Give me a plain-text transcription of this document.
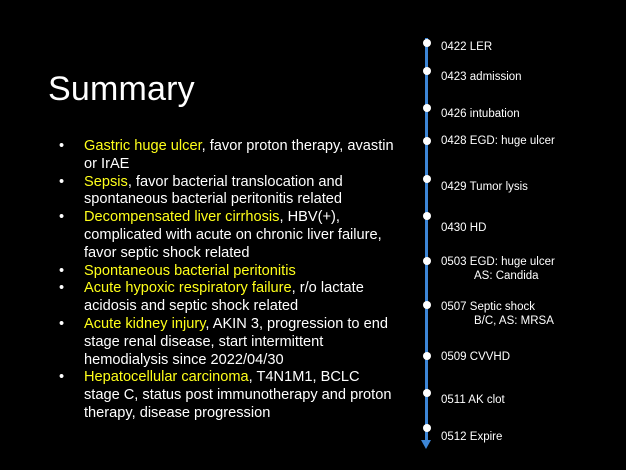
Summary
• Gastric huge ulcer, favor proton therapy, avastin or IrAE
• Sepsis, favor bacterial translocation and spontaneous bacterial peritonitis related
• Decompensated liver cirrhosis, HBV(+), complicated with acute on chronic liver failure, favor septic shock related
• Spontaneous bacterial peritonitis
• Acute hypoxic respiratory failure, r/o lactate acidosis and septic shock related
• Acute kidney injury, AKIN 3, progression to end stage renal disease, start intermittent hemodialysis since 2022/04/30
• Hepatocellular carcinoma, T4N1M1, BCLC stage C, status post immunotherapy and proton therapy, disease progression
0422 LER
0423 admission
0426 intubation
0428 EGD: huge ulcer
0429 Tumor lysis
0430 HD
0503 EGD: huge ulcer
AS: Candida
0507 Septic shock
B/C, AS: MRSA
0509 CVVHD
0511 AK clot
0512 Expire
